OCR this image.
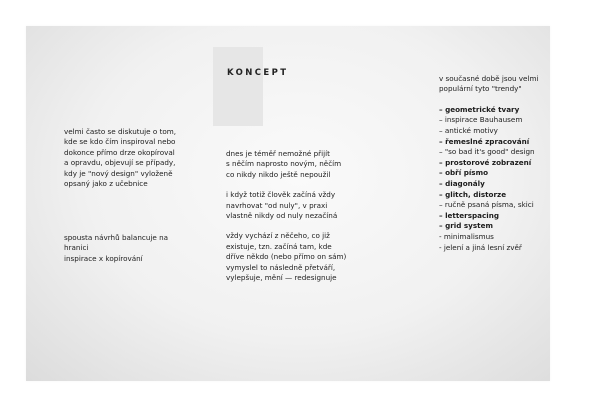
KONCEPT

velmi často se diskutuje o tom,

kde se kdo čím inspiroval nebo

dokonce přímo drze okopíroval

a opravdu, objevují se případy,

kdy je "nový design" vyloženě

opsaný jako z učebnice

spousta návrhů balancuje na

hranici

inspirace x kopírování

dnes je téměř nemožné přijít

s něčím naprosto novým, něčím

co nikdy nikdo ještě nepoužil

i když totiž člověk začíná vždy

navrhovat "od nuly", v praxi

vlastně nikdy od nuly nezačíná

vždy vychází z něčeho, co již

existuje, tzn. začíná tam, kde

dříve někdo (nebo přímo on sám)

vymyslel to následně přetváří,

vylepšuje, mění — redesignuje

v současné době jsou velmi

populární tyto "trendy"

– geometrické tvary
– inspirace Bauhausem
– antické motivy
– řemeslné zpracování
– "so bad it's good" design
– prostorové zobrazení
– obří písmo
– diagonály
– glitch, distorze
– ručně psaná písma, skici
– letterspacing
– grid system
- minimalismus
- jelení a jiná lesní zvěř
